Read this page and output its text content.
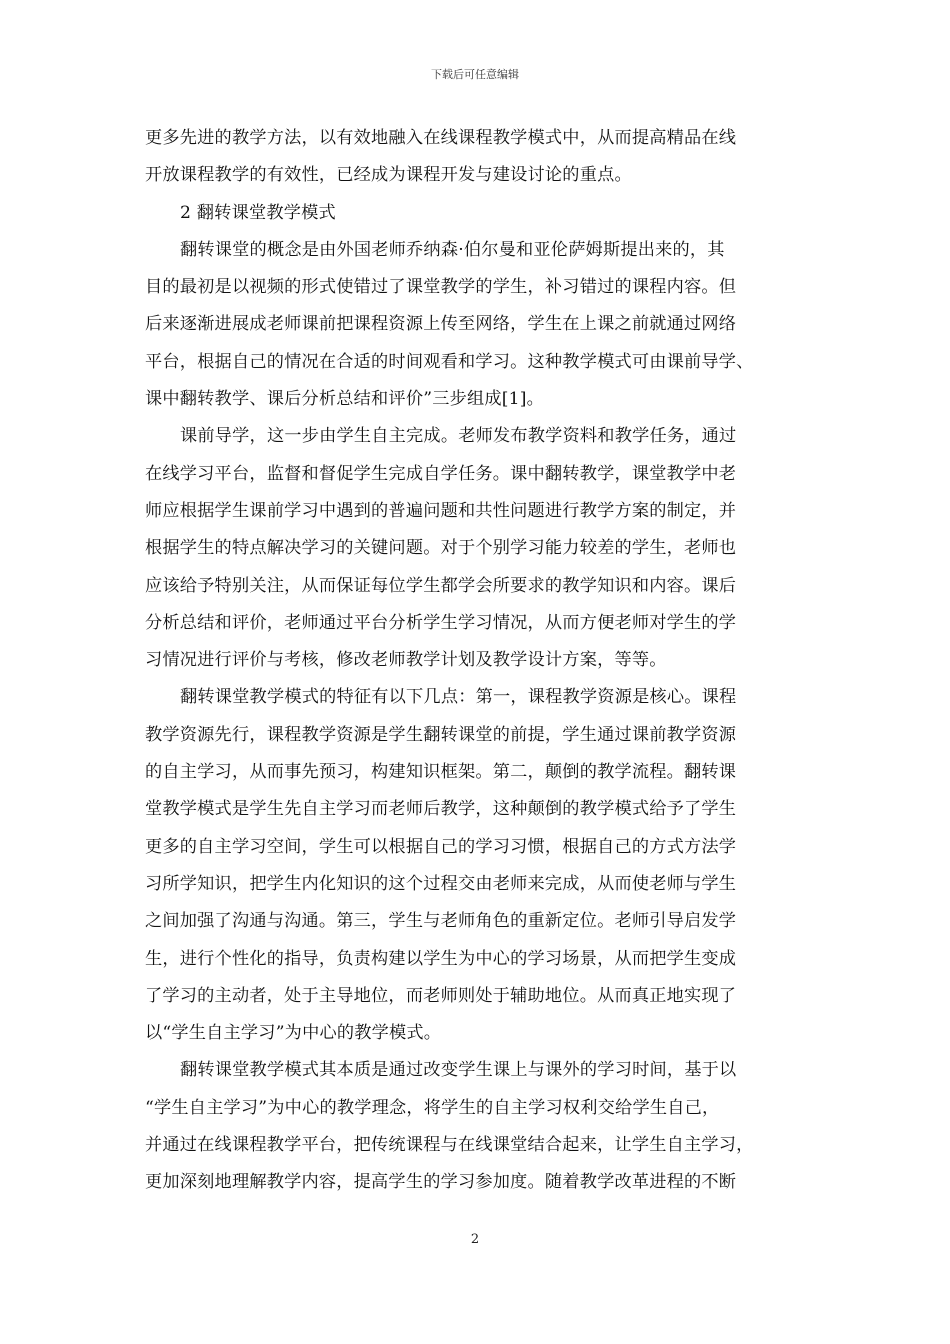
下载后可任意编辑
更多先进的教学方法，以有效地融入在线课程教学模式中，从而提高精品在线
开放课程教学的有效性，已经成为课程开发与建设讨论的重点。
2 翻转课堂教学模式
翻转课堂的概念是由外国老师乔纳森·伯尔曼和亚伦萨姆斯提出来的，其
目的最初是以视频的形式使错过了课堂教学的学生，补习错过的课程内容。但
后来逐渐进展成老师课前把课程资源上传至网络，学生在上课之前就通过网络
平台，根据自己的情况在合适的时间观看和学习。这种教学模式可由课前导学、
课中翻转教学、课后分析总结和评价”三步组成[1]。
课前导学，这一步由学生自主完成。老师发布教学资料和教学任务，通过
在线学习平台，监督和督促学生完成自学任务。课中翻转教学，课堂教学中老
师应根据学生课前学习中遇到的普遍问题和共性问题进行教学方案的制定，并
根据学生的特点解决学习的关键问题。对于个别学习能力较差的学生，老师也
应该给予特别关注，从而保证每位学生都学会所要求的教学知识和内容。课后
分析总结和评价，老师通过平台分析学生学习情况，从而方便老师对学生的学
习情况进行评价与考核，修改老师教学计划及教学设计方案，等等。
翻转课堂教学模式的特征有以下几点：第一，课程教学资源是核心。课程
教学资源先行，课程教学资源是学生翻转课堂的前提，学生通过课前教学资源
的自主学习，从而事先预习，构建知识框架。第二，颠倒的教学流程。翻转课
堂教学模式是学生先自主学习而老师后教学，这种颠倒的教学模式给予了学生
更多的自主学习空间，学生可以根据自己的学习习惯，根据自己的方式方法学
习所学知识，把学生内化知识的这个过程交由老师来完成，从而使老师与学生
之间加强了沟通与沟通。第三，学生与老师角色的重新定位。老师引导启发学
生，进行个性化的指导，负责构建以学生为中心的学习场景，从而把学生变成
了学习的主动者，处于主导地位，而老师则处于辅助地位。从而真正地实现了
以“学生自主学习”为中心的教学模式。
翻转课堂教学模式其本质是通过改变学生课上与课外的学习时间，基于以
“学生自主学习”为中心的教学理念，将学生的自主学习权利交给学生自己，
并通过在线课程教学平台，把传统课程与在线课堂结合起来，让学生自主学习，
更加深刻地理解教学内容，提高学生的学习参加度。随着教学改革进程的不断
2
